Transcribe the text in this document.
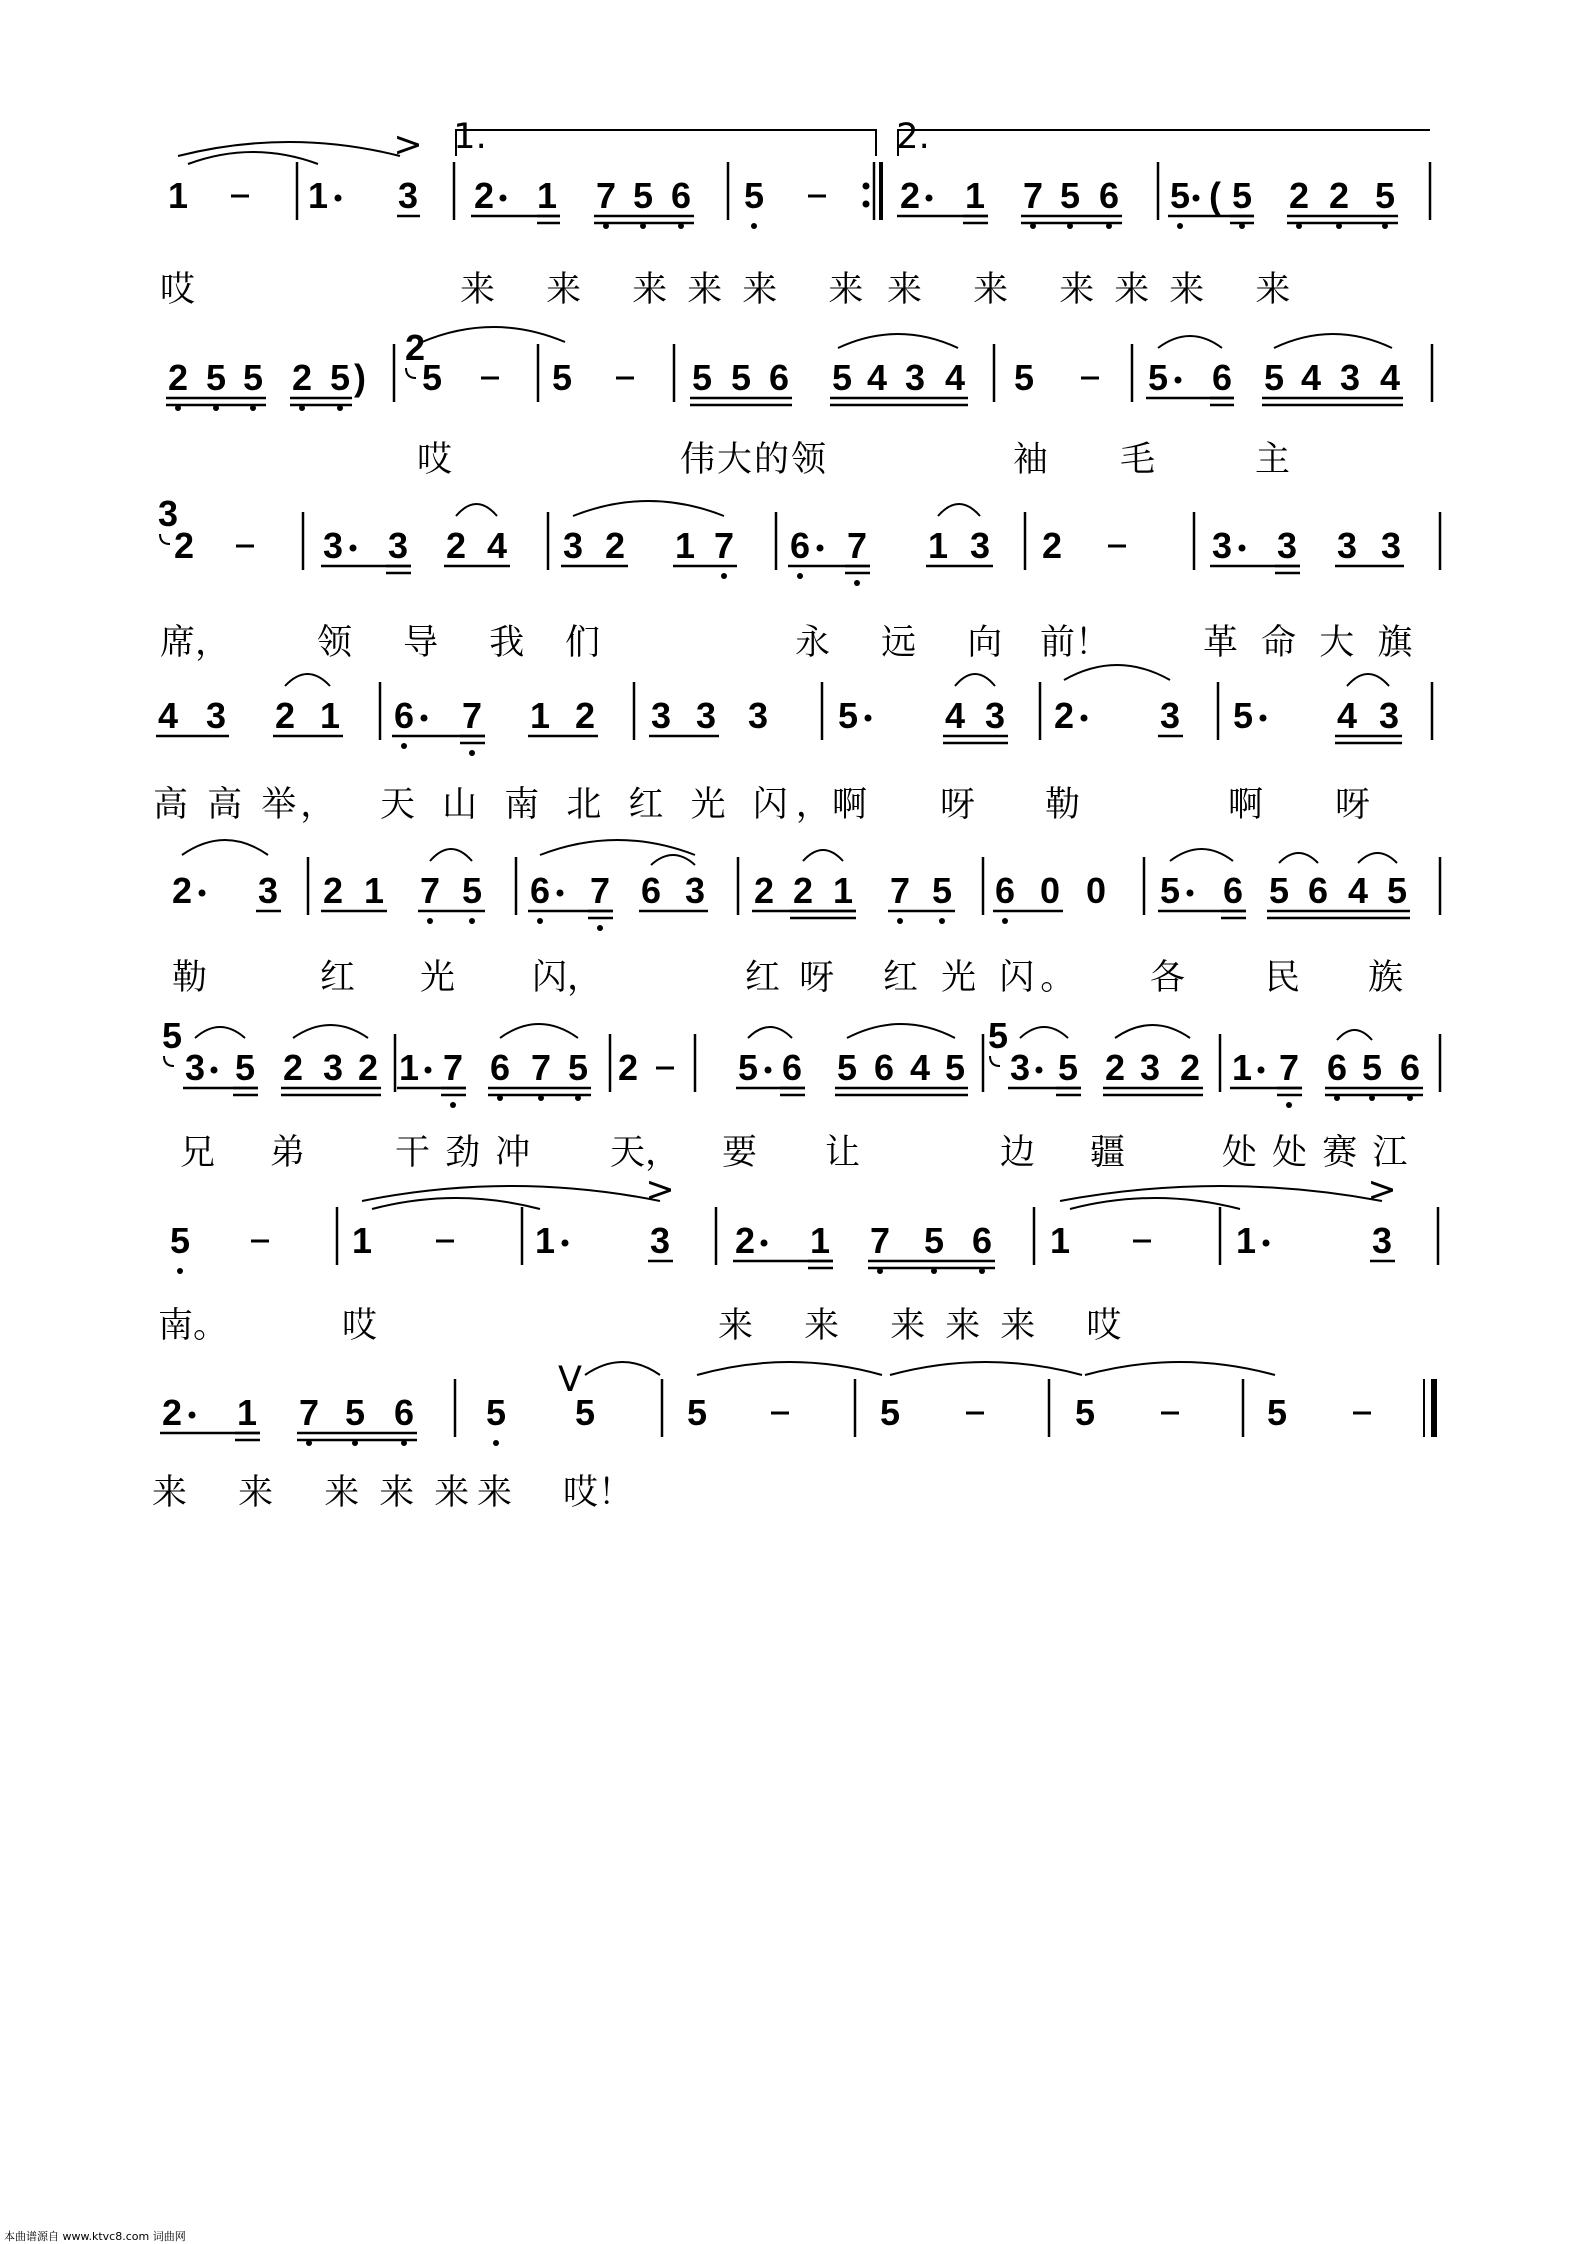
1	1 3
>
2 1 7 5 6 5
1.	2.
2 1 7 5 6 5 ( 5 2 2 5
2 5 5 2 5 )
2
5	5	5 5 6 5 4 3 4 5	5 6 5 4 3 4
3
2	3 3 2 4 3 2 1 7 6 7 1 3 2	3 3 3 3
4 3 2 1 6 7 1 2 3 3 3 5 4 3 2 3 5 4 3
2 3 2 1 7 5 6 7 6 3 2 2 1 7 5 6 0 0 5 6 5 6 4 5
5
3 5 2 3 2 1 7 6 7 5 2	5 6 5 6 4 5
5
3 5 2 3 2 1 7 6 5 6
5	1	1	3
>
2 1 7 5 6 1	1	3
>
2 1 7 5 6 5
V
5	5	5	5	5
哎	来 来 来来来 来 来 来 来来来 来
哎	伟大的领	袖 毛 主
席， 领 导 我 们	永 远 向 前！	革 命 大 旗
高 高 举， 天 山 南 北 红 光 闪，
啊 呀 勒	啊 呀
勒	红 光 闪，	红 呀 红 光 闪。 各 民 族
兄 弟 干 劲 冲 天， 要 让	边 疆 处 处 赛 江
南。	哎	来 来 来来来 哎
来 来 来来来
来 哎！
本曲谱源自 www.ktvc8.com 词曲网
